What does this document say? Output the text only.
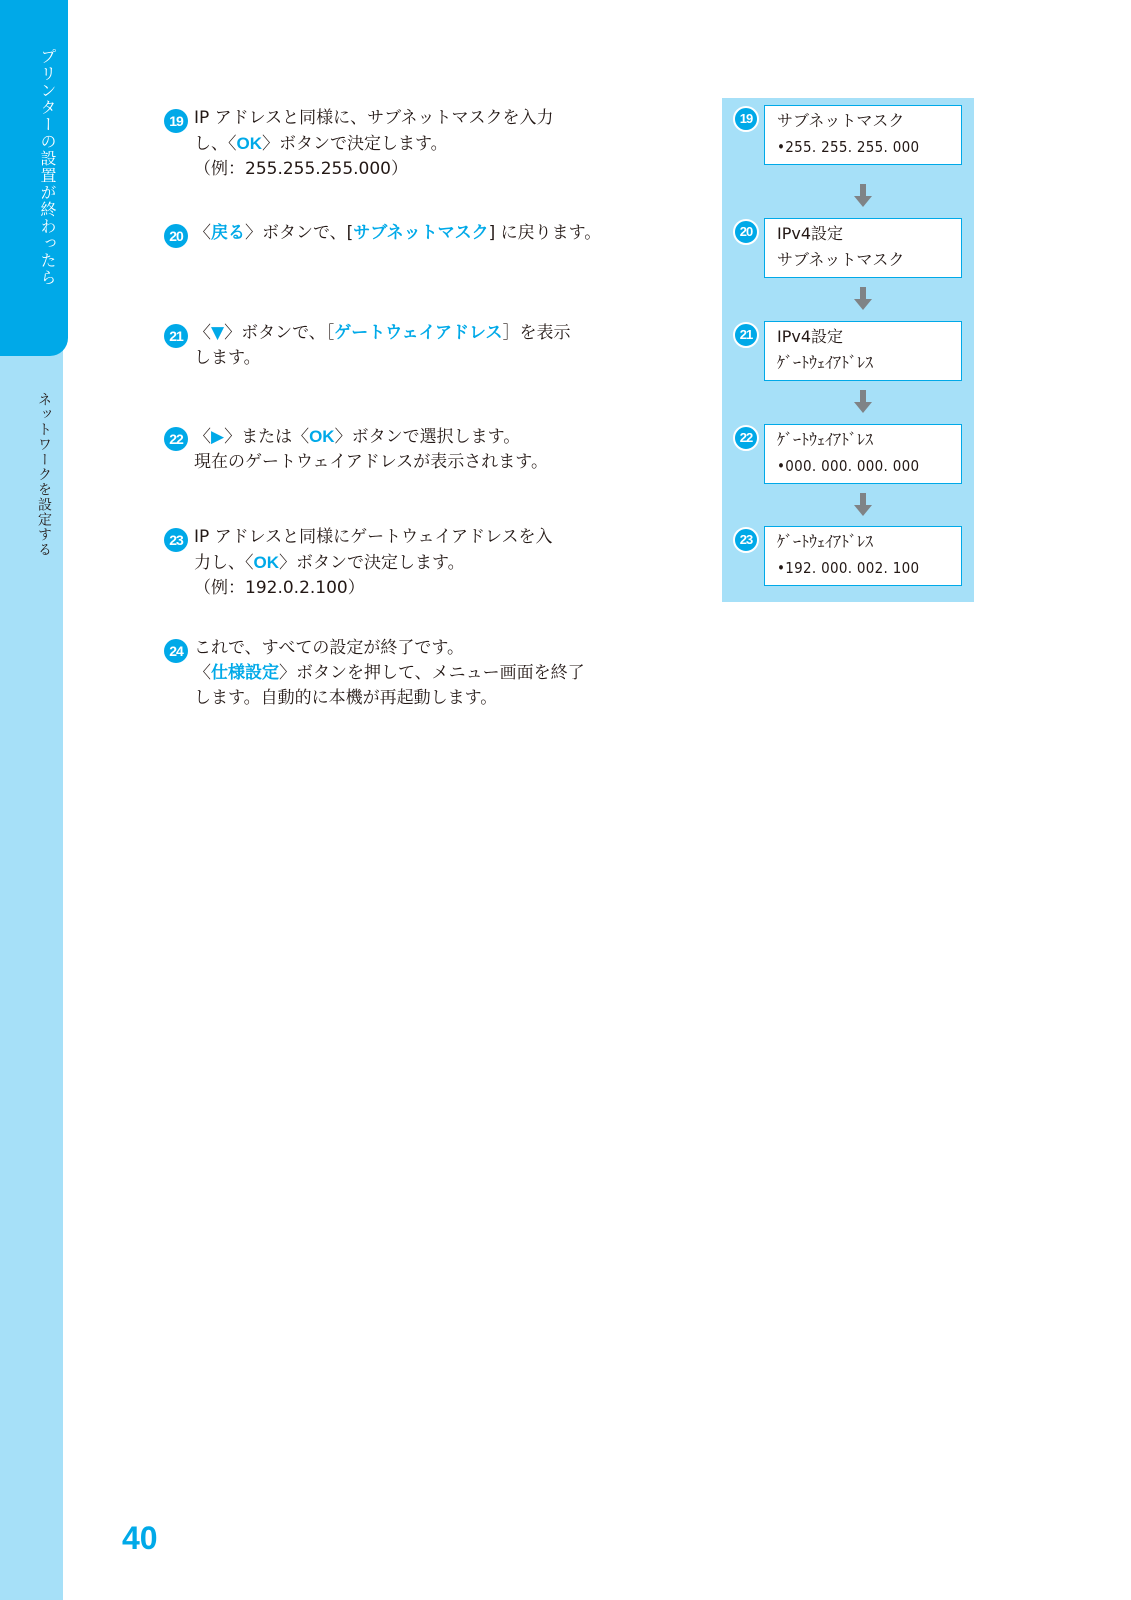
プリンターの設置が終わったら
ネットワークを設定する
19 IP アドレスと同様に、サブネットマスクを入力
し、〈OK〉ボタンで決定します。
（例：255.255.255.000）
20 〈戻る〉ボタンで、[サブネットマスク] に戻ります。
21 〈▼〉ボタンで、［ゲートウェイアドレス］を表示
します。
22 〈▶〉または〈OK〉ボタンで選択します。
現在のゲートウェイアドレスが表示されます。
23 IP アドレスと同様にゲートウェイアドレスを入
力し、〈OK〉ボタンで決定します。
（例：192.0.2.100）
24 これで、すべての設定が終了です。
〈仕様設定〉ボタンを押して、メニュー画面を終了
します。自動的に本機が再起動します。
19	サブネットマスク
•255. 255. 255. 000
20	IPv4設定
サブネットマスク
21	IPv4設定
ｹﾞｰﾄｳｪｲｱﾄﾞﾚｽ
22	ｹﾞｰﾄｳｪｲｱﾄﾞﾚｽ
•000. 000. 000. 000
23	ｹﾞｰﾄｳｪｲｱﾄﾞﾚｽ
•192. 000. 002. 100
40
